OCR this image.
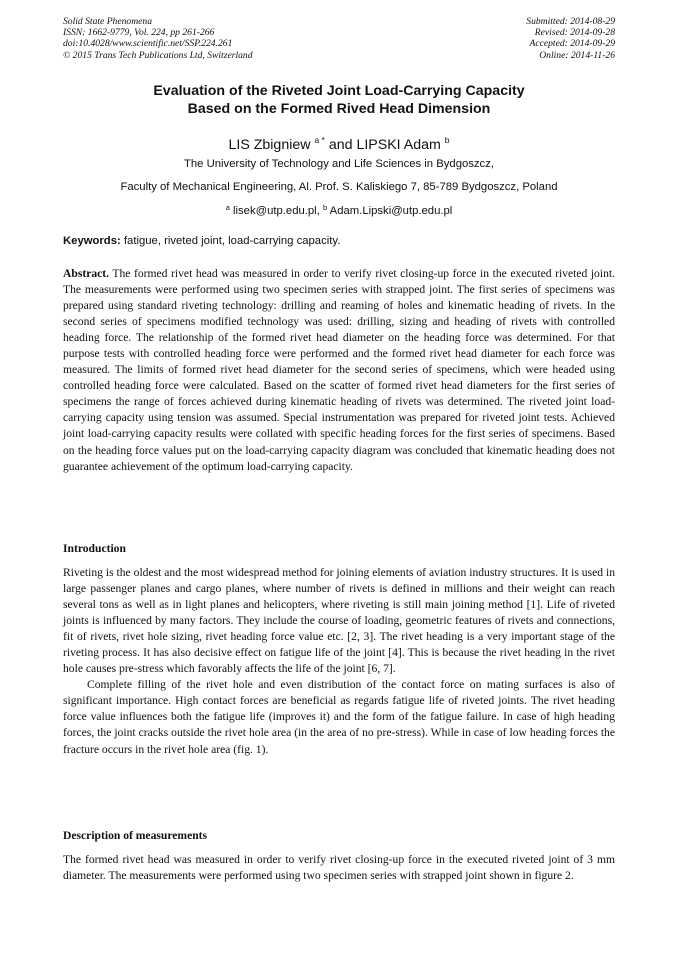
Solid State Phenomena
ISSN: 1662-9779, Vol. 224, pp 261-266
doi:10.4028/www.scientific.net/SSP.224.261
© 2015 Trans Tech Publications Ltd, Switzerland
Submitted: 2014-08-29
Revised: 2014-09-28
Accepted: 2014-09-29
Online: 2014-11-26
Evaluation of the Riveted Joint Load-Carrying Capacity
Based on the Formed Rived Head Dimension
LIS Zbigniew $^{a *}$ and LIPSKI Adam $^b$
The University of Technology and Life Sciences in Bydgoszcz,
Faculty of Mechanical Engineering, Al. Prof. S. Kaliskiego 7, 85-789 Bydgoszcz, Poland
$^a$ lisek@utp.edu.pl, $^b$ Adam.Lipski@utp.edu.pl
Keywords: fatigue, riveted joint, load-carrying capacity.

Abstract. The formed rivet head was measured in order to verify rivet closing-up force in the executed riveted joint. The measurements were performed using two specimen series with strapped joint. The first series of specimens was prepared using standard riveting technology: drilling and reaming of holes and kinematic heading of rivets. In the second series of specimens modified technology was used: drilling, sizing and heading of rivets with controlled heading force. The relationship of the formed rivet head diameter on the heading force was determined. For that purpose tests with controlled heading force were performed and the formed rivet head diameter for each force was measured. The limits of formed rivet head diameter for the second series of specimens, which were headed using controlled heading force were calculated. Based on the scatter of formed rivet head diameters for the first series of specimens the range of forces achieved during kinematic heading of rivets was determined. The riveted joint load-carrying capacity using tension was assumed. Special instrumentation was prepared for riveted joint tests. Achieved joint load-carrying capacity results were collated with specific heading forces for the first series of specimens. Based on the heading force values put on the load-carrying capacity diagram was concluded that kinematic heading does not guarantee achievement of the optimum load-carrying capacity.

Introduction

Riveting is the oldest and the most widespread method for joining elements of aviation industry structures. It is used in large passenger planes and cargo planes, where number of rivets is defined in millions and their weight can reach several tons as well as in light planes and helicopters, where riveting is still main joining method [1]. Life of riveted joints is influenced by many factors. They include the course of loading, geometric features of rivets and connections, fit of rivets, rivet hole sizing, rivet heading force value etc. [2, 3]. The rivet heading is a very important stage of the riveting process. It has also decisive effect on fatigue life of the joint [4]. This is because the rivet heading in the rivet hole causes pre-stress which favorably affects the life of the joint [6, 7].

Complete filling of the rivet hole and even distribution of the contact force on mating surfaces is also of significant importance. High contact forces are beneficial as regards fatigue life of riveted joints. The rivet heading force value influences both the fatigue life (improves it) and the form of the fatigue failure. In case of high heading forces, the joint cracks outside the rivet hole area (in the area of no pre-stress). While in case of low heading forces the fracture occurs in the rivet hole area (fig. 1).

Description of measurements

The formed rivet head was measured in order to verify rivet closing-up force in the executed riveted joint of 3 mm diameter. The measurements were performed using two specimen series with strapped joint shown in figure 2.
